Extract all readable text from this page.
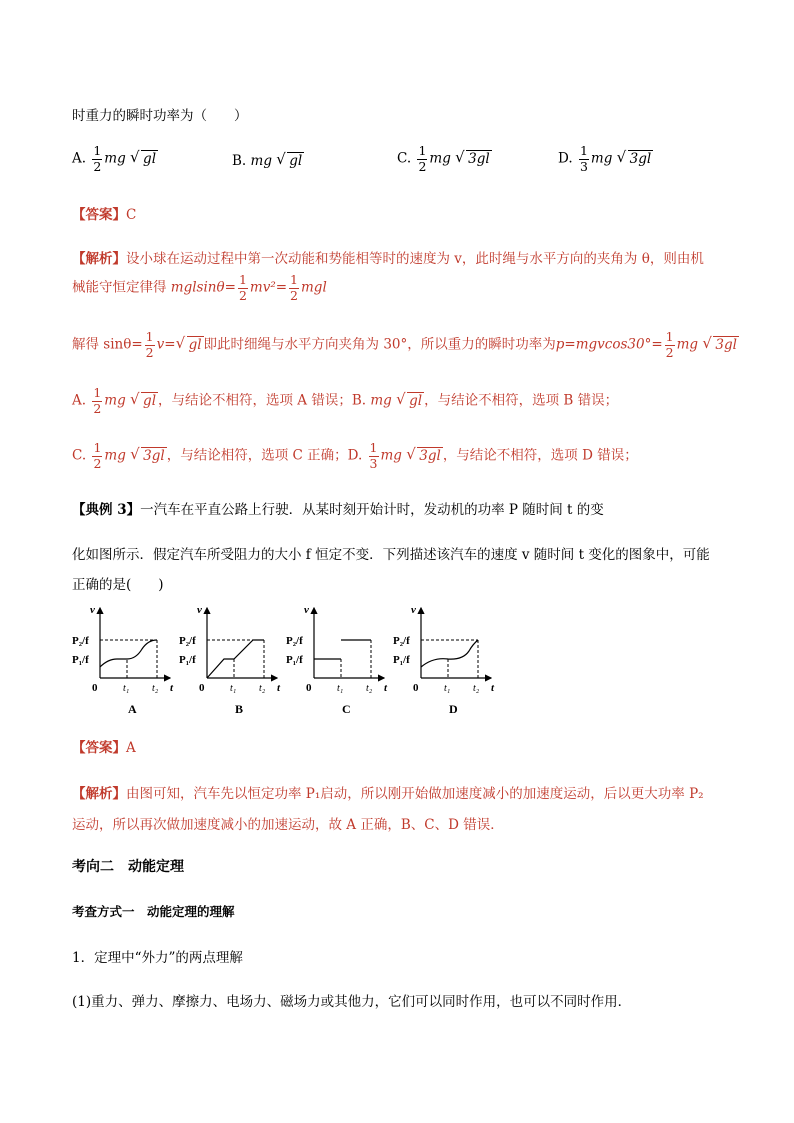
时重力的瞬时功率为（　　）
A. $\frac{1}{2}$ mg √ gl	B. mg √ gl	C. $\frac{1}{2}$ mg √ 3gl	D. $\frac{1}{3}$ mg √ 3gl
【答案】C
【解析】设小球在运动过程中第一次动能和势能相等时的速度为 v，此时绳与水平方向的夹角为 θ，则由机
械能守恒定律得 $mglsin\theta= \frac{1}{2} mv^2= \frac{1}{2}$ mgl
解得 $\sin\theta= \frac{1}{2} v=$ √ gl 即此时细绳与水平方向夹角为 30°，所以重力的瞬时功率为$p=mgvcos30^\circ= \frac{1}{2}$ mg √ 3gl
A. $\frac{1}{2}$ mg √ gl ，与结论不相符，选项 A 错误；B. mg √ gl ，与结论不相符，选项 B 错误；
C. $\frac{1}{2}$ mg √ 3gl ，与结论相符，选项 C 正确；D. $\frac{1}{3}$ mg √ 3gl ，与结论不相符，选项 D 错误；
【典例 3】一汽车在平直公路上行驶．从某时刻开始计时，发动机的功率 P 随时间 t 的变
化如图所示．假定汽车所受阻力的大小 f 恒定不变．下列描述该汽车的速度 v 随时间 t 变化的图象中，可能
正确的是(　　)
v
P₂/f
P₁/f
0	t₁ t₂ t
A
v
P₂/f
P₁/f
0	t₁ t₂ t
B
v
P₂/f
P₁/f
0	t₁ t₂ t
C
v
P₂/f
P₁/f
0	t₁ t₂ t
D
【答案】A
【解析】由图可知，汽车先以恒定功率 P₁启动，所以刚开始做加速度减小的加速度运动，后以更大功率 P₂
运动，所以再次做加速度减小的加速运动，故 A 正确，B、C、D 错误．
考向二　动能定理
考查方式一　动能定理的理解
1．定理中“外力”的两点理解
(1)重力、弹力、摩擦力、电场力、磁场力或其他力，它们可以同时作用，也可以不同时作用．
